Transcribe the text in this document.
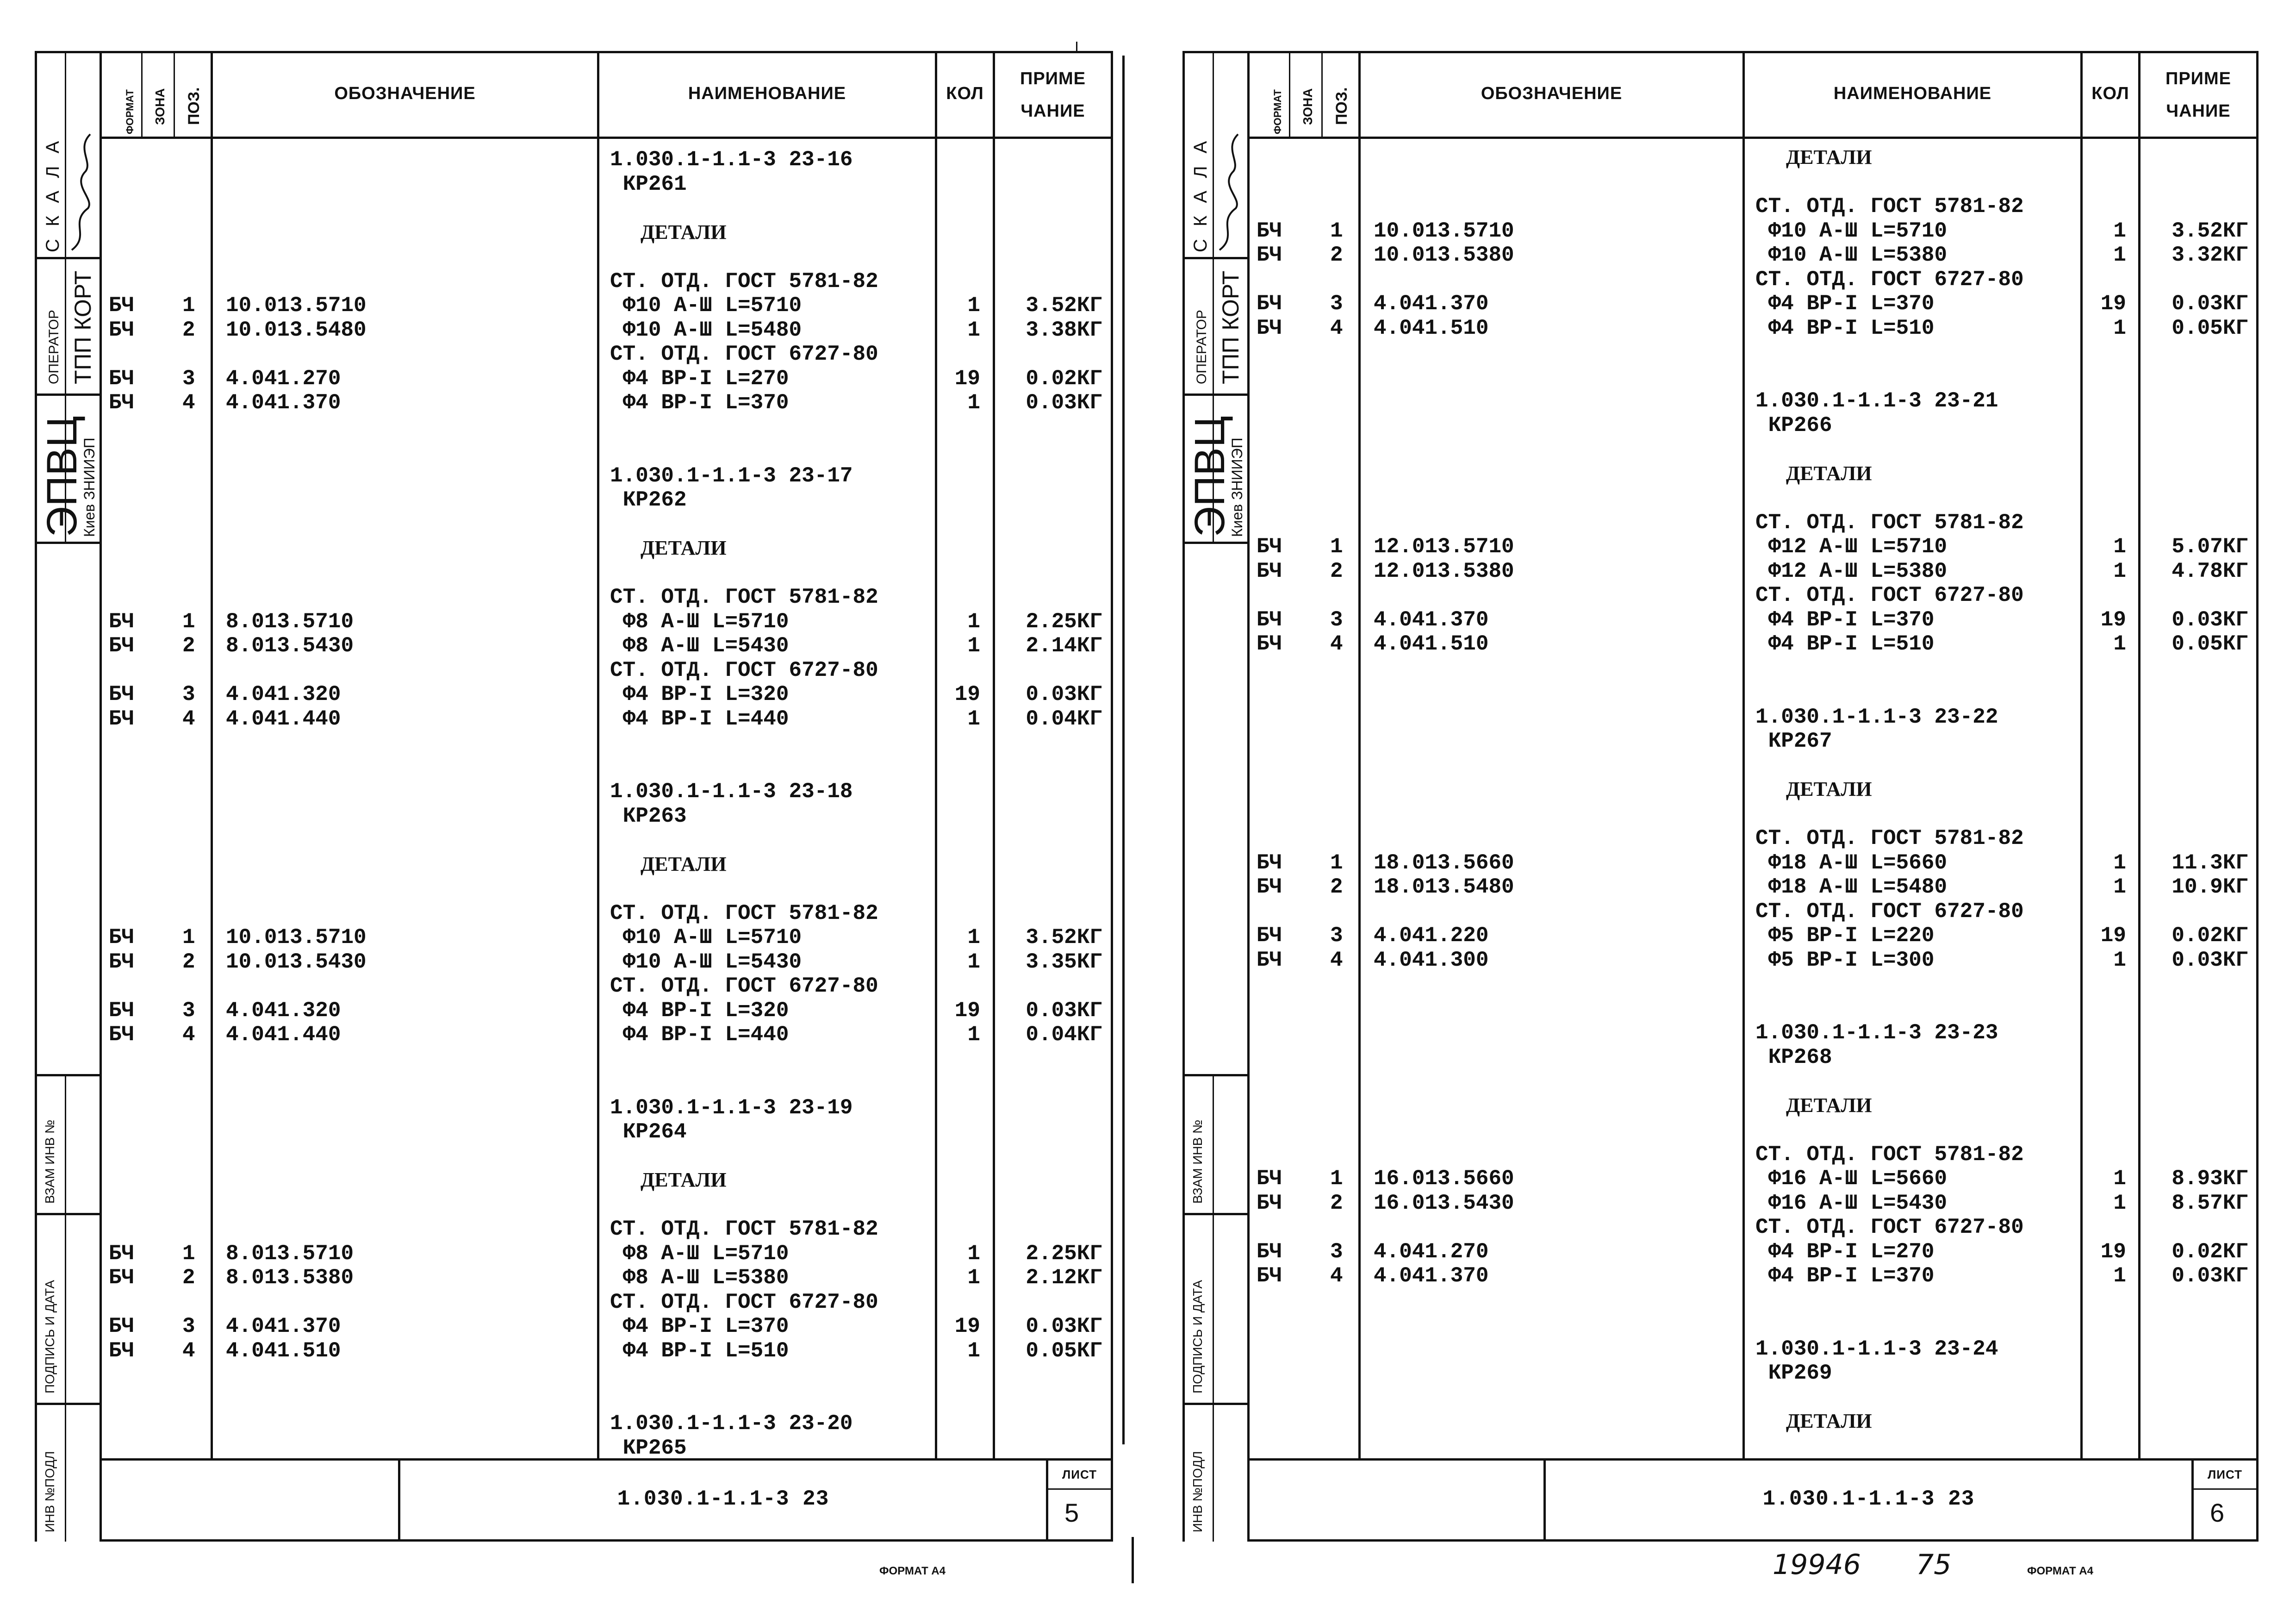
С К А Л А
ОПЕРАТОР ТПП КОРТ
ЭПВЦ
Киев ЗНИИЭП
ВЗАМ ИНВ №
ПОДПИСЬ И ДАТА
ИНВ №ПОДЛ
ФОРМАТ ЗОНА ПОЗ.	ОБОЗНАЧЕНИЕ	НАИМЕНОВАНИЕ	КОЛ
ПРИМЕ
ЧАНИЕ
1.030.1-1.1-3 23-16
КР261
ДЕТАЛИ
СТ. ОТД. ГОСТ 5781-82
БЧ 1 10.013.5710	Ф10 А-Ш L=5710	1 3.52КГ
БЧ 2 10.013.5480	Ф10 А-Ш L=5480	1 3.38КГ
СТ. ОТД. ГОСТ 6727-80
БЧ 3 4.041.270	Ф4 ВР-I L=270	19 0.02КГ
БЧ 4 4.041.370	Ф4 ВР-I L=370	1 0.03КГ
1.030.1-1.1-3 23-17
КР262
ДЕТАЛИ
СТ. ОТД. ГОСТ 5781-82
БЧ 1 8.013.5710	Ф8 А-Ш L=5710	1 2.25КГ
БЧ 2 8.013.5430	Ф8 А-Ш L=5430	1 2.14КГ
СТ. ОТД. ГОСТ 6727-80
БЧ 3 4.041.320	Ф4 ВР-I L=320	19 0.03КГ
БЧ 4 4.041.440	Ф4 ВР-I L=440	1 0.04КГ
1.030.1-1.1-3 23-18
КР263
ДЕТАЛИ
СТ. ОТД. ГОСТ 5781-82
БЧ 1 10.013.5710	Ф10 А-Ш L=5710	1 3.52КГ
БЧ 2 10.013.5430	Ф10 А-Ш L=5430	1 3.35КГ
СТ. ОТД. ГОСТ 6727-80
БЧ 3 4.041.320	Ф4 ВР-I L=320	19 0.03КГ
БЧ 4 4.041.440	Ф4 ВР-I L=440	1 0.04КГ
1.030.1-1.1-3 23-19
КР264
ДЕТАЛИ
СТ. ОТД. ГОСТ 5781-82
БЧ 1 8.013.5710	Ф8 А-Ш L=5710	1 2.25КГ
БЧ 2 8.013.5380	Ф8 А-Ш L=5380	1 2.12КГ
СТ. ОТД. ГОСТ 6727-80
БЧ 3 4.041.370	Ф4 ВР-I L=370	19 0.03КГ
БЧ 4 4.041.510	Ф4 ВР-I L=510	1 0.05КГ
1.030.1-1.1-3 23-20
КР265
1.030.1-1.1-3 23
ЛИСТ
5
ФОРМАТ А4
С К А Л А
ОПЕРАТОР ТПП КОРТ
ЭПВЦ
Киев ЗНИИЭП
ВЗАМ ИНВ №
ПОДПИСЬ И ДАТА
ИНВ №ПОДЛ
ФОРМАТ ЗОНА ПОЗ.	ОБОЗНАЧЕНИЕ	НАИМЕНОВАНИЕ	КОЛ
ПРИМЕ
ЧАНИЕ
ДЕТАЛИ
СТ. ОТД. ГОСТ 5781-82
БЧ 1 10.013.5710	Ф10 А-Ш L=5710	1 3.52КГ
БЧ 2 10.013.5380	Ф10 А-Ш L=5380	1 3.32КГ
СТ. ОТД. ГОСТ 6727-80
БЧ 3 4.041.370	Ф4 ВР-I L=370	19 0.03КГ
БЧ 4 4.041.510	Ф4 ВР-I L=510	1 0.05КГ
1.030.1-1.1-3 23-21
КР266
ДЕТАЛИ
СТ. ОТД. ГОСТ 5781-82
БЧ 1 12.013.5710	Ф12 А-Ш L=5710	1 5.07КГ
БЧ 2 12.013.5380	Ф12 А-Ш L=5380	1 4.78КГ
СТ. ОТД. ГОСТ 6727-80
БЧ 3 4.041.370	Ф4 ВР-I L=370	19 0.03КГ
БЧ 4 4.041.510	Ф4 ВР-I L=510	1 0.05КГ
1.030.1-1.1-3 23-22
КР267
ДЕТАЛИ
СТ. ОТД. ГОСТ 5781-82
БЧ 1 18.013.5660	Ф18 А-Ш L=5660	1 11.3КГ
БЧ 2 18.013.5480	Ф18 А-Ш L=5480	1 10.9КГ
СТ. ОТД. ГОСТ 6727-80
БЧ 3 4.041.220	Ф5 ВР-I L=220	19 0.02КГ
БЧ 4 4.041.300	Ф5 ВР-I L=300	1 0.03КГ
1.030.1-1.1-3 23-23
КР268
ДЕТАЛИ
СТ. ОТД. ГОСТ 5781-82
БЧ 1 16.013.5660	Ф16 А-Ш L=5660	1 8.93КГ
БЧ 2 16.013.5430	Ф16 А-Ш L=5430	1 8.57КГ
СТ. ОТД. ГОСТ 6727-80
БЧ 3 4.041.270	Ф4 ВР-I L=270	19 0.02КГ
БЧ 4 4.041.370	Ф4 ВР-I L=370	1 0.03КГ
1.030.1-1.1-3 23-24
КР269
ДЕТАЛИ
1.030.1-1.1-3 23
ЛИСТ
6
ФОРМАТ А4
19946 75
